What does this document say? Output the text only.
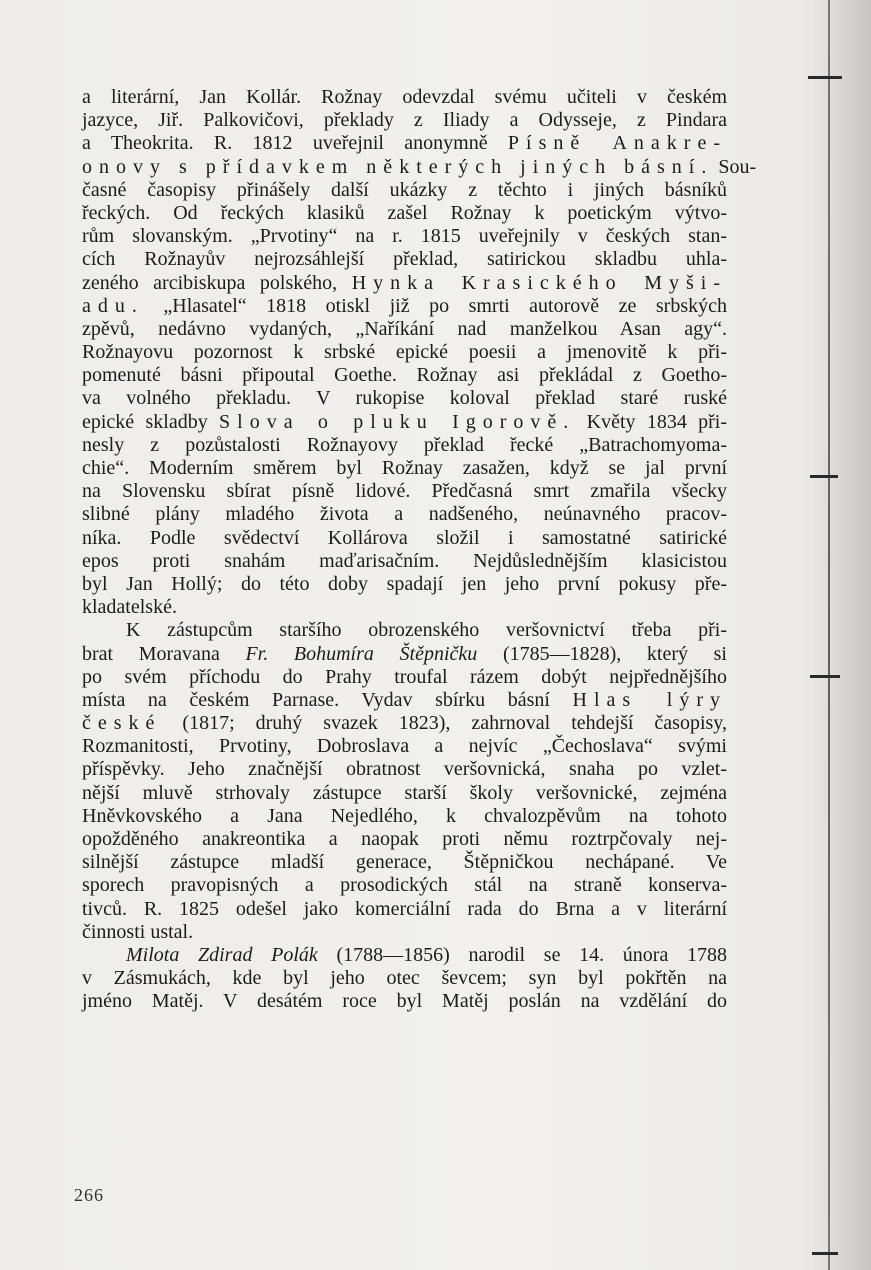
a literární, Jan Kollár. Rožnay odevzdal svému učiteli v českém
jazyce, Jiř. Palkovičovi, překlady z Iliady a Odysseje, z Pindara
a Theokrita. R. 1812 uveřejnil anonymně Písně Anakre-
onovy s přídavkem některých jiných básní. Sou-
časné časopisy přinášely další ukázky z těchto i jiných básníků
řeckých. Od řeckých klasiků zašel Rožnay k poetickým výtvo-
rům slovanským. „Prvotiny“ na r. 1815 uveřejnily v českých stan-
cích Rožnayův nejrozsáhlejší překlad, satirickou skladbu uhla-
zeného arcibiskupa polského, Hynka Krasického Myši-
adu. „Hlasatel“ 1818 otiskl již po smrti autorově ze srbských
zpěvů, nedávno vydaných, „Naříkání nad manželkou Asan agy“.
Rožnayovu pozornost k srbské epické poesii a jmenovitě k při-
pomenuté básni připoutal Goethe. Rožnay asi překládal z Goetho-
va volného překladu. V rukopise koloval překlad staré ruské
epické skladby Slova o pluku Igorově. Květy 1834 při-
nesly z pozůstalosti Rožnayovy překlad řecké „Batrachomyoma-
chie“. Moderním směrem byl Rožnay zasažen, když se jal první
na Slovensku sbírat písně lidové. Předčasná smrt zmařila všecky
slibné plány mladého života a nadšeného, neúnavného pracov-
níka. Podle svědectví Kollárova složil i samostatné satirické
epos proti snahám maďarisačním. Nejdůslednějším klasicistou
byl Jan Hollý; do této doby spadají jen jeho první pokusy pře-
kladatelské.
K zástupcům staršího obrozenského veršovnictví třeba při-
brat Moravana Fr. Bohumíra Štěpničku (1785—1828), který si
po svém příchodu do Prahy troufal rázem dobýt nejpřednějšího
místa na českém Parnase. Vydav sbírku básní Hlas lýry
české (1817; druhý svazek 1823), zahrnoval tehdejší časopisy,
Rozmanitosti, Prvotiny, Dobroslava a nejvíc „Čechoslava“ svými
příspěvky. Jeho značnější obratnost veršovnická, snaha po vzlet-
nější mluvě strhovaly zástupce starší školy veršovnické, zejména
Hněvkovského a Jana Nejedlého, k chvalozpěvům na tohoto
opožděného anakreontika a naopak proti němu roztrpčovaly nej-
silnější zástupce mladší generace, Štěpničkou nechápané. Ve
sporech pravopisných a prosodických stál na straně konserva-
tivců. R. 1825 odešel jako komerciální rada do Brna a v literární
činnosti ustal.
Milota Zdirad Polák (1788—1856) narodil se 14. února 1788
v Zásmukách, kde byl jeho otec ševcem; syn byl pokřtěn na
jméno Matěj. V desátém roce byl Matěj poslán na vzdělání do
266
